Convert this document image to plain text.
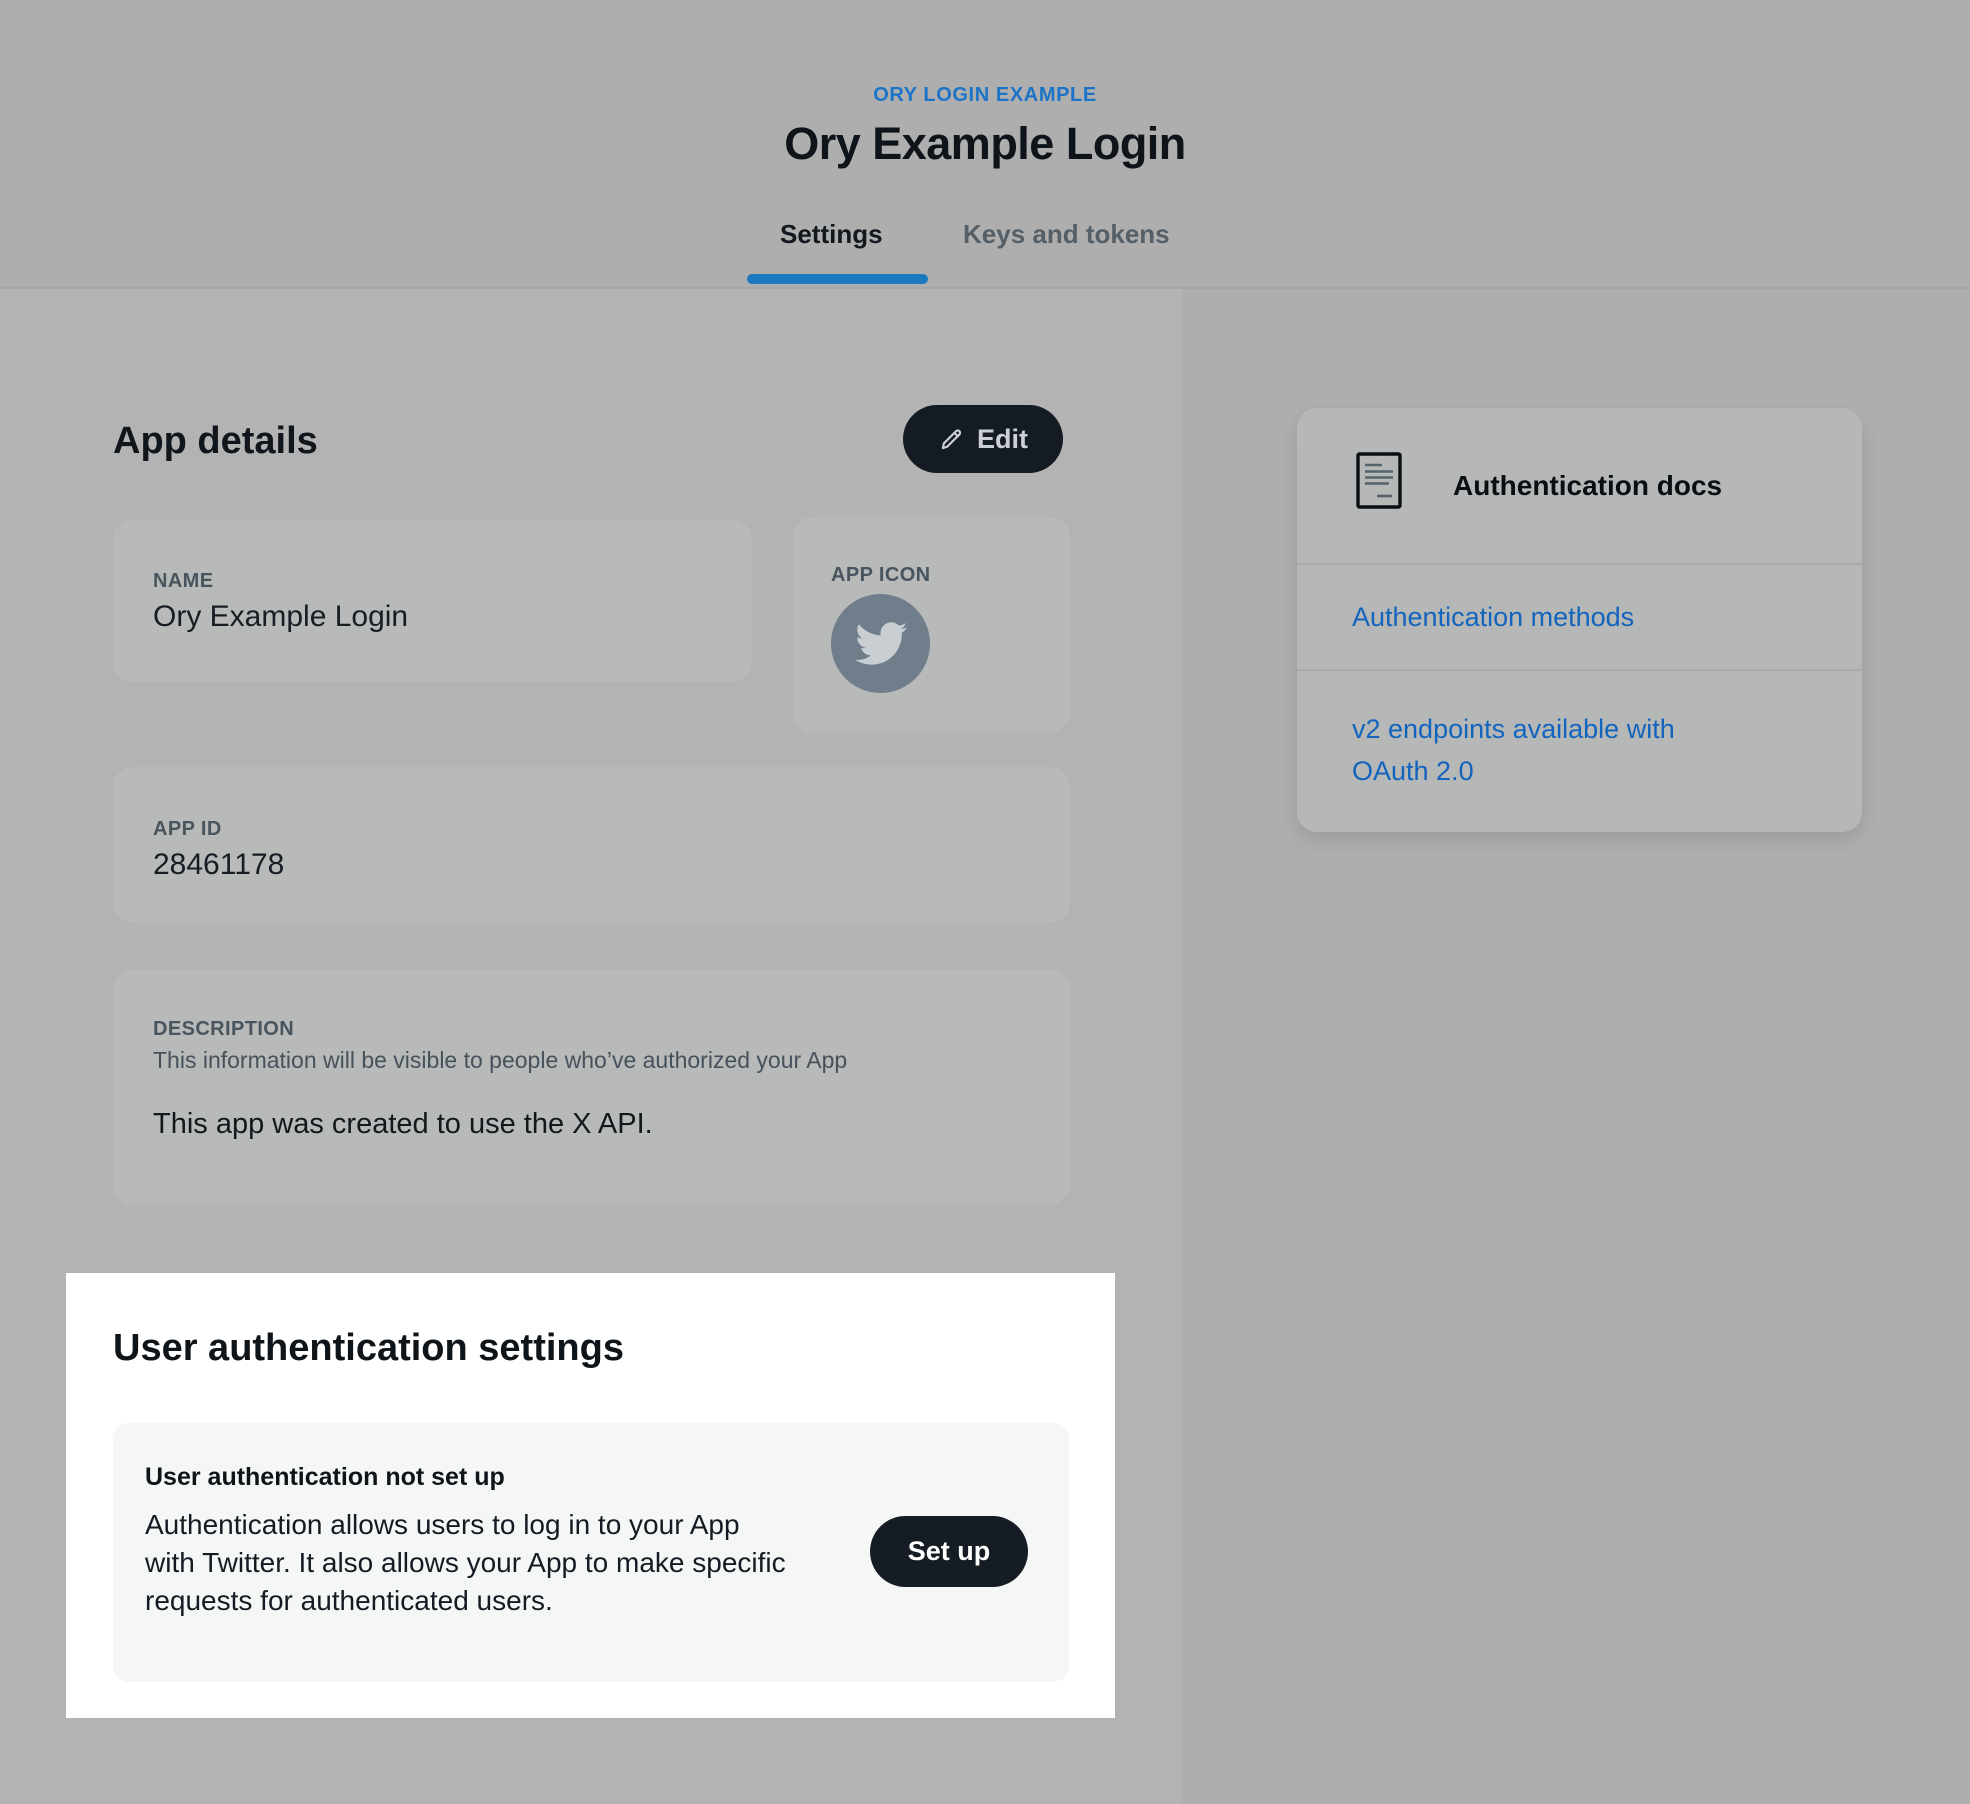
ORY LOGIN EXAMPLE
Ory Example Login
Settings	Keys and tokens
App details	Edit
NAME
Ory Example Login
APP ICON
APP ID
28461178
DESCRIPTION
This information will be visible to people who’ve authorized your App
This app was created to use the X API.
User authentication settings
User authentication not set up
Authentication allows users to log in to your App with Twitter. It also allows your App to make specific requests for authenticated users.
Set up
Authentication docs
Authentication methods
v2 endpoints available with OAuth 2.0
